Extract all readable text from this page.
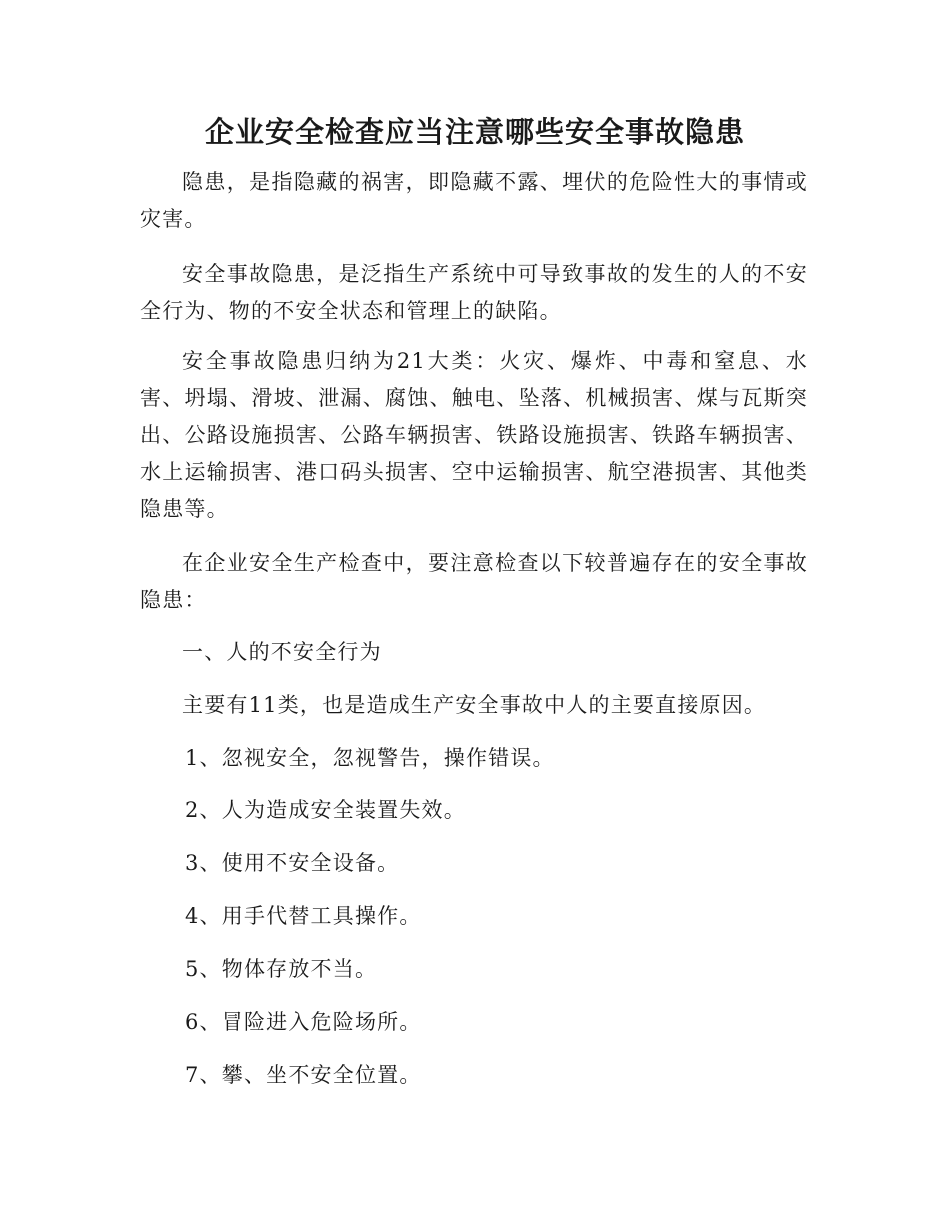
企业安全检查应当注意哪些安全事故隐患

隐患，是指隐藏的祸害，即隐藏不露、埋伏的危险性大的事情或灾害。

安全事故隐患，是泛指生产系统中可导致事故的发生的人的不安全行为、物的不安全状态和管理上的缺陷。

安全事故隐患归纳为21大类：火灾、爆炸、中毒和窒息、水害、坍塌、滑坡、泄漏、腐蚀、触电、坠落、机械损害、煤与瓦斯突出、公路设施损害、公路车辆损害、铁路设施损害、铁路车辆损害、水上运输损害、港口码头损害、空中运输损害、航空港损害、其他类隐患等。

在企业安全生产检查中，要注意检查以下较普遍存在的安全事故隐患：

一、人的不安全行为

主要有11类，也是造成生产安全事故中人的主要直接原因。

1、忽视安全，忽视警告，操作错误。

2、人为造成安全装置失效。

3、使用不安全设备。

4、用手代替工具操作。

5、物体存放不当。

6、冒险进入危险场所。

7、攀、坐不安全位置。
